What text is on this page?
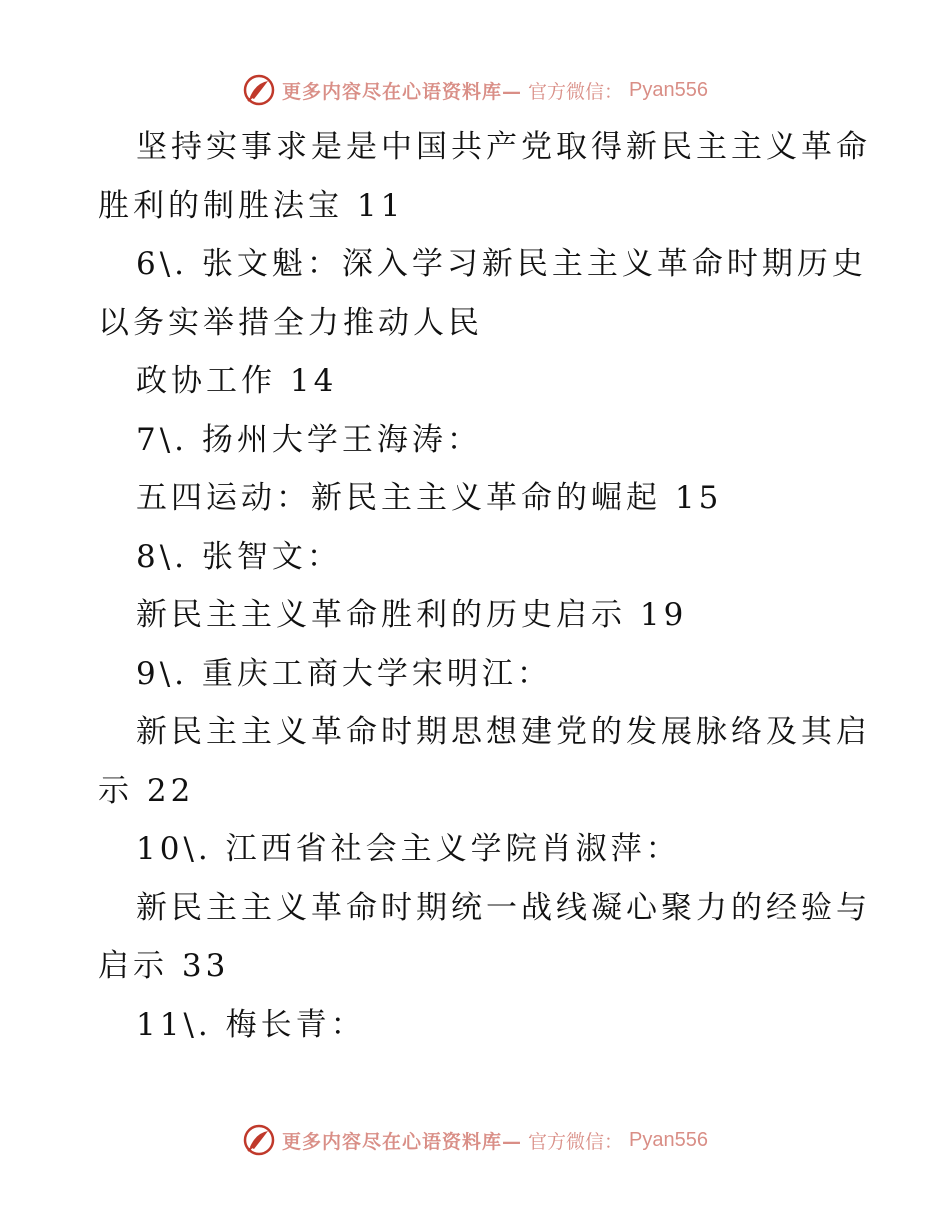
更多内容尽在心语资料库— 官方微信： Pyan556
坚持实事求是是中国共产党取得新民主主义革命
胜利的制胜法宝 11
6\. 张文魁：深入学习新民主主义革命时期历史
以务实举措全力推动人民
政协工作 14
7\. 扬州大学王海涛：
五四运动：新民主主义革命的崛起 15
8\. 张智文：
新民主主义革命胜利的历史启示 19
9\. 重庆工商大学宋明江：
新民主主义革命时期思想建党的发展脉络及其启
示 22
10\. 江西省社会主义学院肖淑萍：
新民主主义革命时期统一战线凝心聚力的经验与
启示 33
11\. 梅长青：
更多内容尽在心语资料库— 官方微信： Pyan556
